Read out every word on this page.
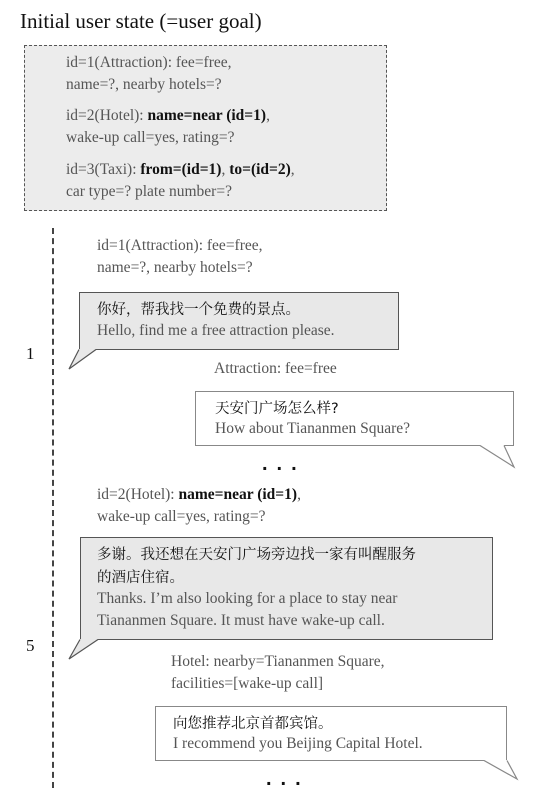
Initial user state (=user goal)
id=1(Attraction): fee=free,
name=?, nearby hotels=?
id=2(Hotel): name=near (id=1),
wake-up call=yes, rating=?
id=3(Taxi): from=(id=1), to=(id=2),
car type=? plate number=?
id=1(Attraction): fee=free,
name=?, nearby hotels=?
你好，帮我找一个免费的景点。
Hello, find me a free attraction please.
1
Attraction: fee=free
天安门广场怎么样?
How about Tiananmen Square?
...
id=2(Hotel): name=near (id=1),
wake-up call=yes, rating=?
多谢。我还想在天安门广场旁边找一家有叫醒服务
的酒店住宿。
Thanks. I’m also looking for a place to stay near
Tiananmen Square. It must have wake-up call.
5
Hotel: nearby=Tiananmen Square,
facilities=[wake-up call]
向您推荐北京首都宾馆。
I recommend you Beijing Capital Hotel.
...
